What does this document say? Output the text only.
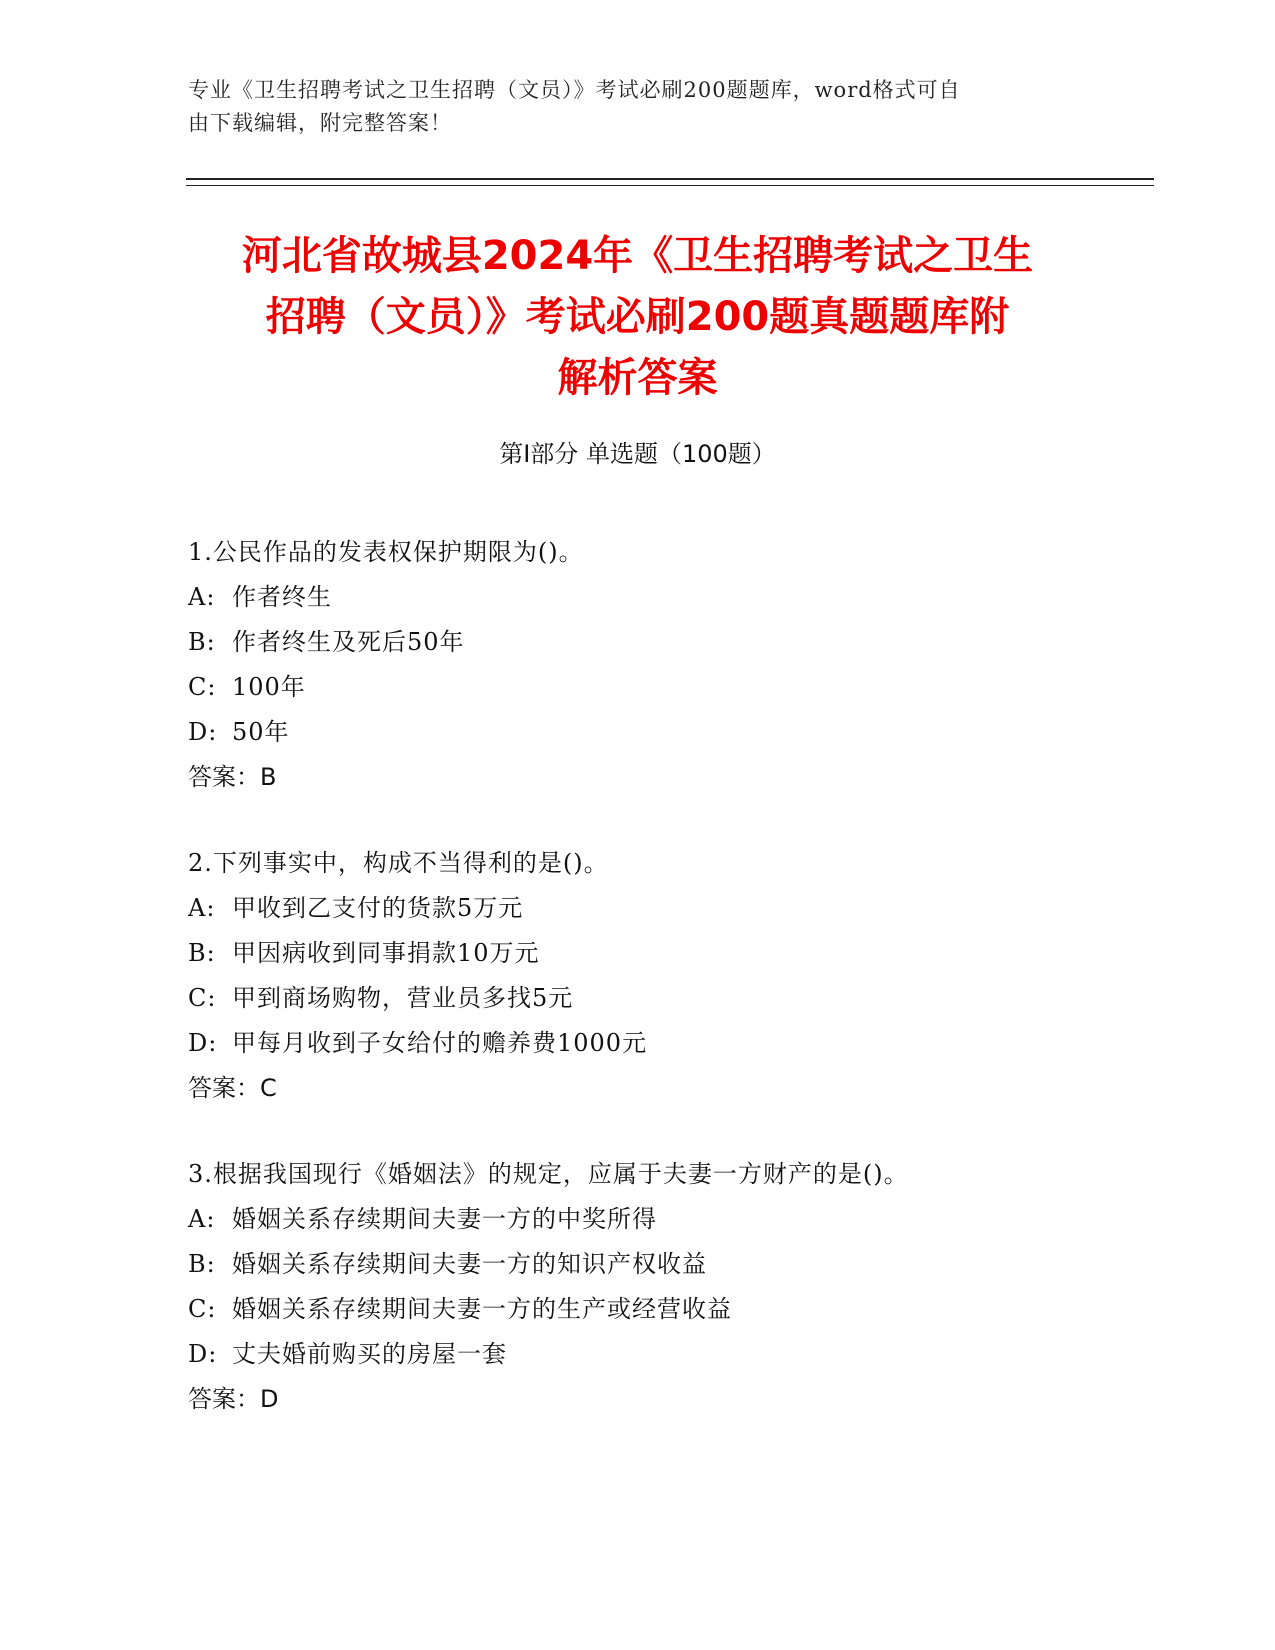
专业《卫生招聘考试之卫生招聘（文员）》考试必刷200题题库，word格式可自
由下载编辑，附完整答案！
河北省故城县2024年《卫生招聘考试之卫生
招聘（文员）》考试必刷200题真题题库附
解析答案
第Ⅰ部分 单选题（100题）
1.公民作品的发表权保护期限为()。
A: 作者终生
B: 作者终生及死后50年
C: 100年
D: 50年
答案：B
2.下列事实中，构成不当得利的是()。
A: 甲收到乙支付的货款5万元
B: 甲因病收到同事捐款10万元
C: 甲到商场购物，营业员多找5元
D: 甲每月收到子女给付的赡养费1000元
答案：C
3.根据我国现行《婚姻法》的规定，应属于夫妻一方财产的是()。
A: 婚姻关系存续期间夫妻一方的中奖所得
B: 婚姻关系存续期间夫妻一方的知识产权收益
C: 婚姻关系存续期间夫妻一方的生产或经营收益
D: 丈夫婚前购买的房屋一套
答案：D
